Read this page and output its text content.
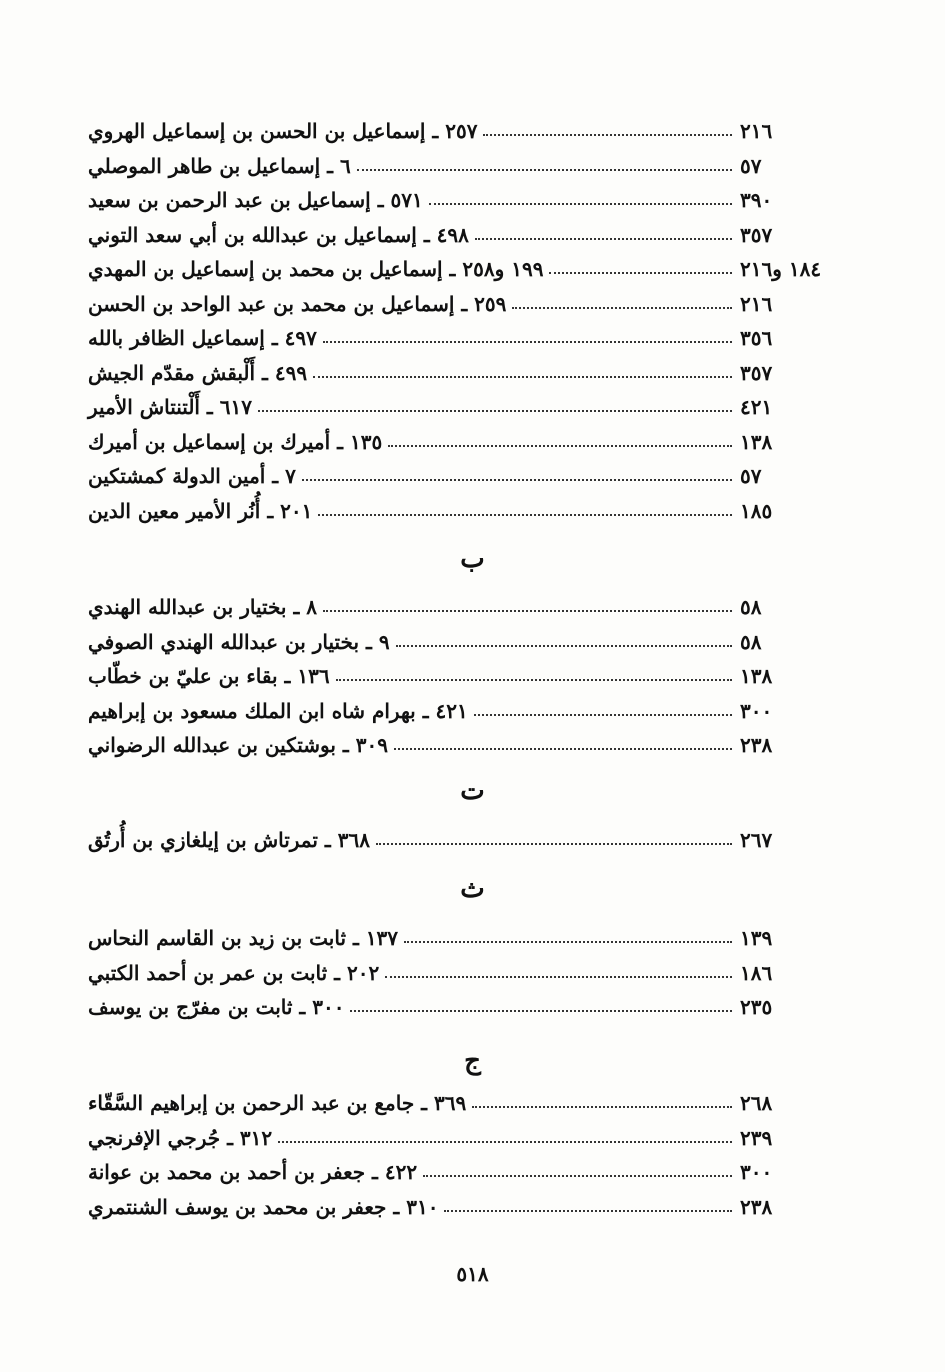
٢٥٧ ـ إسماعيل بن الحسن بن إسماعيل الهروي	٢١٦
٦ ـ إسماعيل بن طاهر الموصلي	٥٧
٥٧١ ـ إسماعيل بن عبد الرحمن بن سعيد	٣٩٠
٤٩٨ ـ إسماعيل بن عبدالله بن أبي سعد التوني	٣٥٧
١٩٩ و٢٥٨ ـ إسماعيل بن محمد بن إسماعيل بن المهدي	١٨٤ و٢١٦
٢٥٩ ـ إسماعيل بن محمد بن عبد الواحد بن الحسن	٢١٦
٤٩٧ ـ إسماعيل الظافر بالله	٣٥٦
٤٩٩ ـ أَلْبقش مقدّم الجيش	٣٥٧
٦١٧ ـ أَلْتنتاش الأمير	٤٢١
١٣٥ ـ أميرك بن إسماعيل بن أميرك	١٣٨
٧ ـ أمين الدولة كمشتكين	٥٧
٢٠١ ـ أُنُر الأمير معين الدين	١٨٥
ب
٨ ـ بختيار بن عبدالله الهندي	٥٨
٩ ـ بختيار بن عبدالله الهندي الصوفي	٥٨
١٣٦ ـ بقاء بن عليّ بن خطّاب	١٣٨
٤٢١ ـ بهرام شاه ابن الملك مسعود بن إبراهيم	٣٠٠
٣٠٩ ـ بوشتكين بن عبدالله الرضواني	٢٣٨
ت
٣٦٨ ـ تمرتاش بن إيلغازي بن أُرتُق	٢٦٧
ث
١٣٧ ـ ثابت بن زيد بن القاسم النحاس	١٣٩
٢٠٢ ـ ثابت بن عمر بن أحمد الكتبي	١٨٦
٣٠٠ ـ ثابت بن مفرّج بن يوسف	٢٣٥
ج
٣٦٩ ـ جامع بن عبد الرحمن بن إبراهيم السَّقّاء	٢٦٨
٣١٢ ـ جُرجي الإفرنجي	٢٣٩
٤٢٢ ـ جعفر بن أحمد بن محمد بن عوانة	٣٠٠
٣١٠ ـ جعفر بن محمد بن يوسف الشنتمري	٢٣٨
٥١٨
